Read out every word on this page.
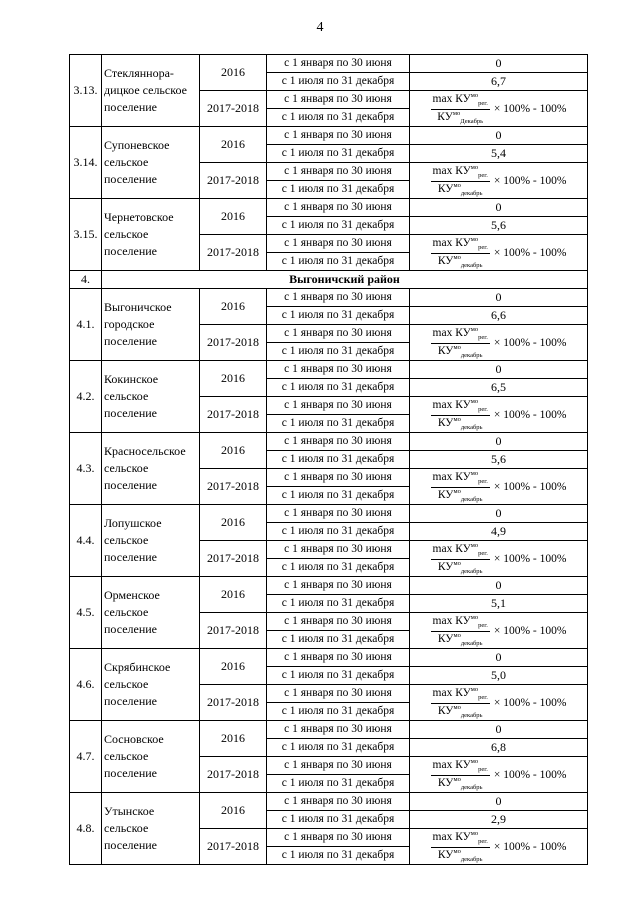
4
3.13.	Стекляннора-дицкое сельское поселение	2016	с 1 января по 30 июня	0
			с 1 июля по 31 декабря	6,7
		2017-2018	с 1 января по 30 июня	$\frac{\max КУ^{мо}_{рег.}}{КУ^{мо}_{Декабрь}} \times 100\% - 100\%$

			с 1 июля по 31 декабря	
3.14.	Супоневское сельское поселение	2016	с 1 января по 30 июня	0
			с 1 июля по 31 декабря	5,4
		2017-2018	с 1 января по 30 июня	$\frac{\max КУ^{мо}_{рег.}}{КУ^{мо}_{декабрь}} \times 100\% - 100\%$

			с 1 июля по 31 декабря	
3.15.	Чернетовское сельское поселение	2016	с 1 января по 30 июня	0
			с 1 июля по 31 декабря	5,6
		2017-2018	с 1 января по 30 июня	$\frac{\max КУ^{мо}_{рег.}}{КУ^{мо}_{декабрь}} \times 100\% - 100\%$

			с 1 июля по 31 декабря	
4.	Выгоничский район			
4.1.	Выгоничское городское поселение	2016	с 1 января по 30 июня	0
			с 1 июля по 31 декабря	6,6
		2017-2018	с 1 января по 30 июня	$\frac{\max КУ^{мо}_{рег.}}{КУ^{мо}_{декабрь}} \times 100\% - 100\%$

			с 1 июля по 31 декабря	
4.2.	Кокинское сельское поселение	2016	с 1 января по 30 июня	0
			с 1 июля по 31 декабря	6,5
		2017-2018	с 1 января по 30 июня	$\frac{\max КУ^{мо}_{рег.}}{КУ^{мо}_{декабрь}} \times 100\% - 100\%$

			с 1 июля по 31 декабря	
4.3.	Красносельское сельское поселение	2016	с 1 января по 30 июня	0
			с 1 июля по 31 декабря	5,6
		2017-2018	с 1 января по 30 июня	$\frac{\max КУ^{мо}_{рег.}}{КУ^{мо}_{декабрь}} \times 100\% - 100\%$

			с 1 июля по 31 декабря	
4.4.	Лопушское сельское поселение	2016	с 1 января по 30 июня	0
			с 1 июля по 31 декабря	4,9
		2017-2018	с 1 января по 30 июня	$\frac{\max КУ^{мо}_{рег.}}{КУ^{мо}_{декабрь}} \times 100\% - 100\%$

			с 1 июля по 31 декабря	
4.5.	Орменское сельское поселение	2016	с 1 января по 30 июня	0
			с 1 июля по 31 декабря	5,1
		2017-2018	с 1 января по 30 июня	$\frac{\max КУ^{мо}_{рег.}}{КУ^{мо}_{декабрь}} \times 100\% - 100\%$

			с 1 июля по 31 декабря	
4.6.	Скрябинское сельское поселение	2016	с 1 января по 30 июня	0
			с 1 июля по 31 декабря	5,0
		2017-2018	с 1 января по 30 июня	$\frac{\max КУ^{мо}_{рег.}}{КУ^{мо}_{декабрь}} \times 100\% - 100\%$

			с 1 июля по 31 декабря	
4.7.	Сосновское сельское поселение	2016	с 1 января по 30 июня	0
			с 1 июля по 31 декабря	6,8
		2017-2018	с 1 января по 30 июня	$\frac{\max КУ^{мо}_{рег.}}{КУ^{мо}_{декабрь}} \times 100\% - 100\%$

			с 1 июля по 31 декабря	
4.8.	Утынское сельское поселение	2016	с 1 января по 30 июня	0
			с 1 июля по 31 декабря	2,9
		2017-2018	с 1 января по 30 июня	$\frac{\max КУ^{мо}_{рег.}}{КУ^{мо}_{декабрь}} \times 100\% - 100\%$

			с 1 июля по 31 декабря	
